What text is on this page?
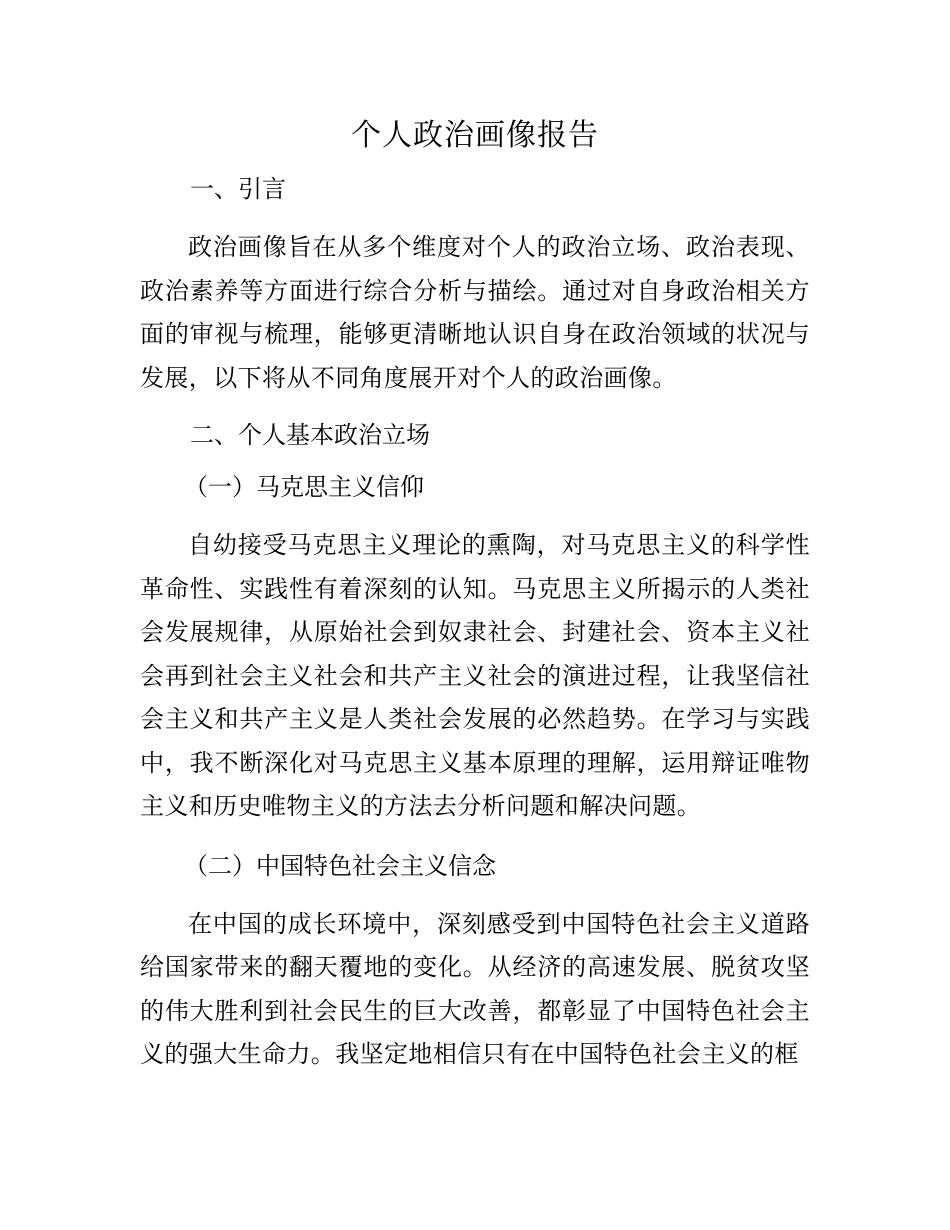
个人政治画像报告
一、引言

政治画像旨在从多个维度对个人的政治立场、政治表现、政治素养等方面进行综合分析与描绘。通过对自身政治相关方面的审视与梳理，能够更清晰地认识自身在政治领域的状况与发展，以下将从不同角度展开对个人的政治画像。

二、个人基本政治立场
（一）马克思主义信仰

自幼接受马克思主义理论的熏陶，对马克思主义的科学性革命性、实践性有着深刻的认知。马克思主义所揭示的人类社会发展规律，从原始社会到奴隶社会、封建社会、资本主义社会再到社会主义社会和共产主义社会的演进过程，让我坚信社会主义和共产主义是人类社会发展的必然趋势。在学习与实践中，我不断深化对马克思主义基本原理的理解，运用辩证唯物主义和历史唯物主义的方法去分析问题和解决问题。

（二）中国特色社会主义信念

在中国的成长环境中，深刻感受到中国特色社会主义道路给国家带来的翻天覆地的变化。从经济的高速发展、脱贫攻坚的伟大胜利到社会民生的巨大改善，都彰显了中国特色社会主义的强大生命力。我坚定地相信只有在中国特色社会主义的框
